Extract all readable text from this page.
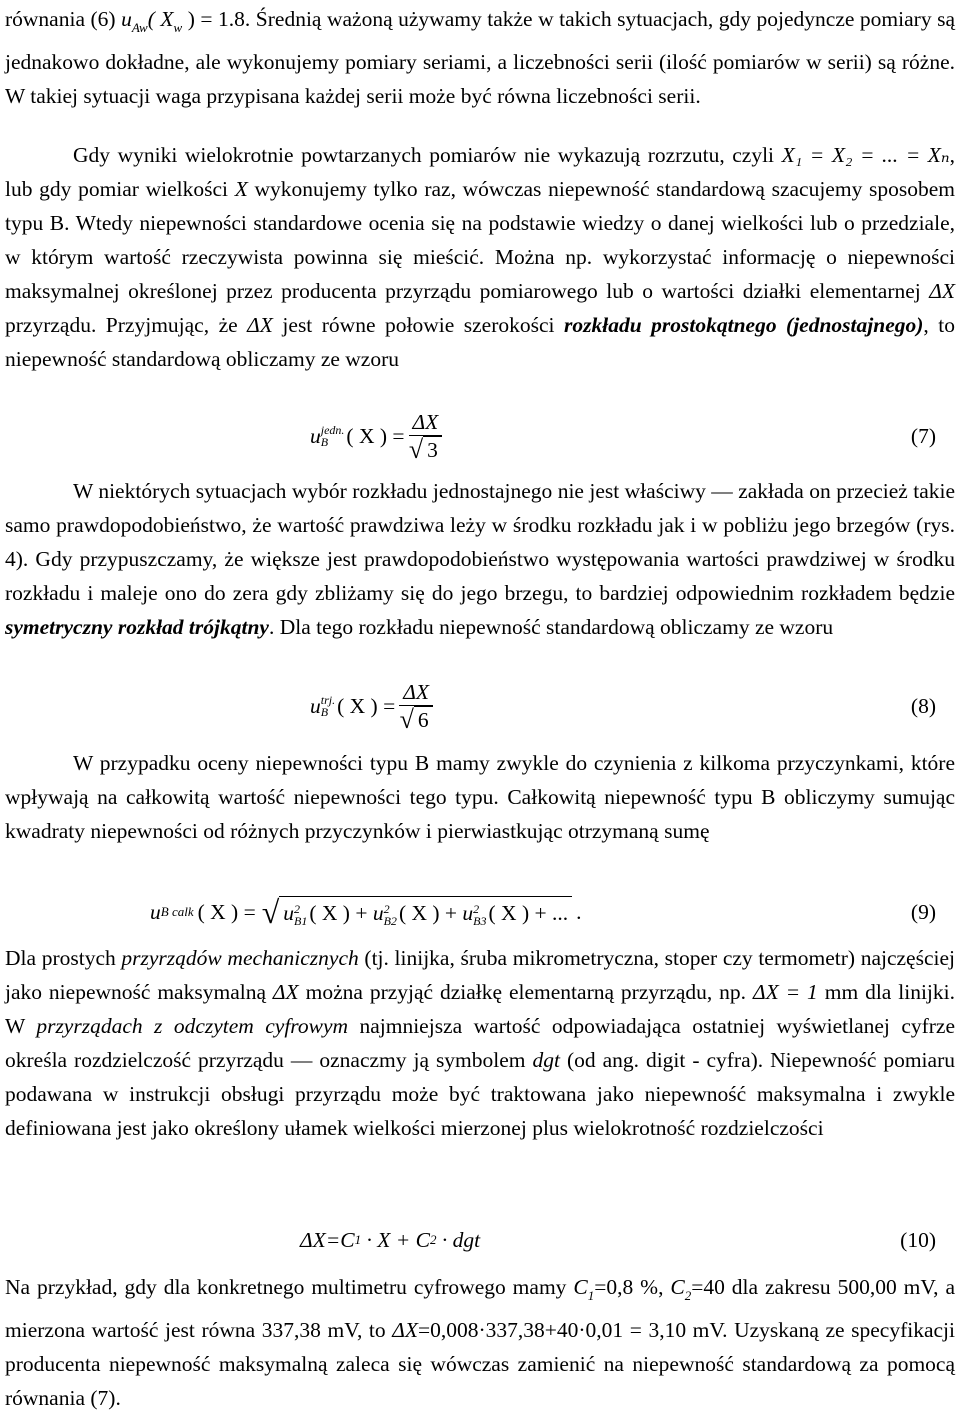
równania (6) $u_{Aw}$( $X_w$ ) = 1.8. Średnią ważoną używamy także w takich sytuacjach, gdy pojedyncze pomiary są jednakowo dokładne, ale wykonujemy pomiary seriami, a liczebności serii (ilość pomiarów w serii) są różne. W takiej sytuacji waga przypisana każdej serii może być równa liczebności serii.

Gdy wyniki wielokrotnie powtarzanych pomiarów nie wykazują rozrzutu, czyli X₁ = X₂ = ... = Xₙ, lub gdy pomiar wielkości X wykonujemy tylko raz, wówczas niepewność standardową szacujemy sposobem typu B. Wtedy niepewności standardowe ocenia się na podstawie wiedzy o danej wielkości lub o przedziale, w którym wartość rzeczywista powinna się mieścić. Można np. wykorzystać informację o niepewności maksymalnej określonej przez producenta przyrządu pomiarowego lub o wartości działki elementarnej ΔX przyrządu. Przyjmując, że ΔX jest równe połowie szerokości rozkładu prostokątnego (jednostajnego), to niepewność standardową obliczamy ze wzoru

u jedn.
B ( X ) = $\frac{\Delta X}{√ 3}$	(7)

W niektórych sytuacjach wybór rozkładu jednostajnego nie jest właściwy — zakłada on przecież takie samo prawdopodobieństwo, że wartość prawdziwa leży w środku rozkładu jak i w pobliżu jego brzegów (rys. 4). Gdy przypuszczamy, że większe jest prawdopodobieństwo występowania wartości prawdziwej w środku rozkładu i maleje ono do zera gdy zbliżamy się do jego brzegu, to bardziej odpowiednim rozkładem będzie symetryczny rozkład trójkątny. Dla tego rozkładu niepewność standardową obliczamy ze wzoru

u trj.
B ( X ) = $\frac{\Delta X}{√ 6}$	(8)

W przypadku oceny niepewności typu B mamy zwykle do czynienia z kilkoma przyczynkami, które wpływają na całkowitą wartość niepewności tego typu. Całkowitą niepewność typu B obliczymy sumując kwadraty niepewności od różnych przyczynków i pierwiastkując otrzymaną sumę

u B calk ( X ) = √ u 2
B1 ( X ) + u 2
B2 ( X ) + u 2
B3 ( X ) + ... .	(9)

Dla prostych przyrządów mechanicznych (tj. linijka, śruba mikrometryczna, stoper czy termometr) najczęściej jako niepewność maksymalną ΔX można przyjąć działkę elementarną przyrządu, np. ΔX = 1 mm dla linijki. W przyrządach z odczytem cyfrowym najmniejsza wartość odpowiadająca ostatniej wyświetlanej cyfrze określa rozdzielczość przyrządu — oznaczmy ją symbolem dgt (od ang. digit - cyfra). Niepewność pomiaru podawana w instrukcji obsługi przyrządu może być traktowana jako niepewność maksymalna i zwykle definiowana jest jako określony ułamek wielkości mierzonej plus wielokrotność rozdzielczości

ΔX=C 1 · X + C 2 · dgt	(10)

Na przykład, gdy dla konkretnego multimetru cyfrowego mamy $C_1=0,8$ %, $C_2=40$ dla zakresu 500,00 mV, a mierzona wartość jest równa 337,38 mV, to ΔX=0,008·337,38+40·0,01 = 3,10 mV. Uzyskaną ze specyfikacji producenta niepewność maksymalną zaleca się wówczas zamienić na niepewność standardową za pomocą równania (7).
